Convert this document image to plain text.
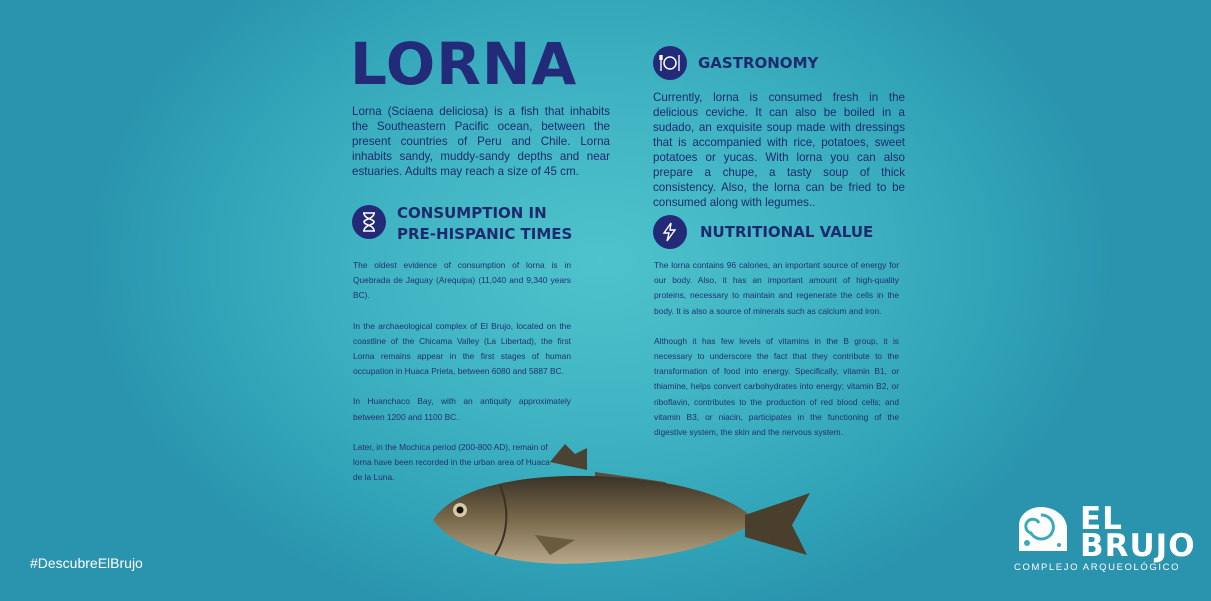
LORNA
Lorna (Sciaena deliciosa) is a fish that inhabits the Southeastern Pacific ocean, between the present countries of Peru and Chile. Lorna inhabits sandy, muddy-sandy depths and near estuaries. Adults may reach a size of 45 cm.
CONSUMPTION IN
PRE-HISPANIC TIMES

The oldest evidence of consumption of lorna is in Quebrada de Jaguay (Arequipa) (11,040 and 9,340 years BC).

In the archaeological complex of El Brujo, located on the coastline of the Chicama Valley (La Libertad), the first Lorna remains appear in the first stages of human occupation in Huaca Prieta, between 6080 and 5887 BC.

In Huanchaco Bay, with an antiquity approximately between 1200 and 1100 BC.

Later, in the Mochica period (200-800 AD), remain of lorna have been recorded in the urban area of Huaca de la Luna.

GASTRONOMY
Currently, lorna is consumed fresh in the delicious ceviche. It can also be boiled in a sudado, an exquisite soup made with dressings that is accompanied with rice, potatoes, sweet potatoes or yucas. With lorna you can also prepare a chupe, a tasty soup of thick consistency. Also, the lorna can be fried to be consumed along with legumes..
NUTRITIONAL VALUE

The lorna contains 96 calories, an important source of energy for our body. Also, it has an important amount of high-quality proteins, necessary to maintain and regenerate the cells in the body. It is also a source of minerals such as calcium and iron.

Although it has few levels of vitamins in the B group, it is necessary to underscore the fact that they contribute to the transformation of food into energy. Specifically, vitamin B1, or thiamine, helps convert carbohydrates into energy; vitamin B2, or riboflavin, contributes to the production of red blood cells; and vitamin B3, or niacin, participates in the functioning of the digestive system, the skin and the nervous system.

#DescubreElBrujo
EL
BRUJO
COMPLEJO ARQUEOLÓGICO
